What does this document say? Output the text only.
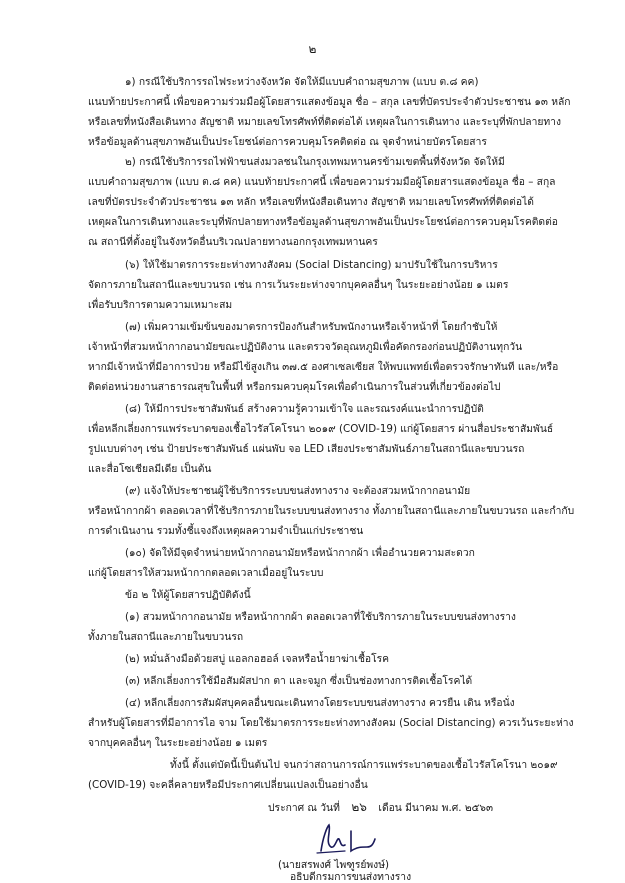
๒
๑) กรณีใช้บริการรถไฟระหว่างจังหวัด จัดให้มีแบบคำถามสุขภาพ (แบบ ต.๘ คค)
แนบท้ายประกาศนี้ เพื่อขอความร่วมมือผู้โดยสารแสดงข้อมูล ชื่อ – สกุล เลขที่บัตรประจำตัวประชาชน ๑๓ หลัก
หรือเลขที่หนังสือเดินทาง สัญชาติ หมายเลขโทรศัพท์ที่ติดต่อได้ เหตุผลในการเดินทาง และระบุที่พักปลายทาง
หรือข้อมูลด้านสุขภาพอันเป็นประโยชน์ต่อการควบคุมโรคติดต่อ ณ จุดจำหน่ายบัตรโดยสาร
๒) กรณีใช้บริการรถไฟฟ้าขนส่งมวลชนในกรุงเทพมหานครข้ามเขตพื้นที่จังหวัด จัดให้มี
แบบคำถามสุขภาพ (แบบ ต.๘ คค) แนบท้ายประกาศนี้ เพื่อขอความร่วมมือผู้โดยสารแสดงข้อมูล ชื่อ – สกุล
เลขที่บัตรประจำตัวประชาชน ๑๓ หลัก หรือเลขที่หนังสือเดินทาง สัญชาติ หมายเลขโทรศัพท์ที่ติดต่อได้
เหตุผลในการเดินทางและระบุที่พักปลายทางหรือข้อมูลด้านสุขภาพอันเป็นประโยชน์ต่อการควบคุมโรคติดต่อ
ณ สถานีที่ตั้งอยู่ในจังหวัดอื่นบริเวณปลายทางนอกกรุงเทพมหานคร
(๖) ให้ใช้มาตรการระยะห่างทางสังคม (Social Distancing) มาปรับใช้ในการบริหาร
จัดการภายในสถานีและขบวนรถ เช่น การเว้นระยะห่างจากบุคคลอื่นๆ ในระยะอย่างน้อย ๑ เมตร
เพื่อรับบริการตามความเหมาะสม
(๗) เพิ่มความเข้มข้นของมาตรการป้องกันสำหรับพนักงานหรือเจ้าหน้าที่ โดยกำชับให้
เจ้าหน้าที่สวมหน้ากากอนามัยขณะปฏิบัติงาน และตรวจวัดอุณหภูมิเพื่อคัดกรองก่อนปฏิบัติงานทุกวัน
หากมีเจ้าหน้าที่มีอาการป่วย หรือมีไข้สูงเกิน ๓๗.๕ องศาเซลเซียส ให้พบแพทย์เพื่อตรวจรักษาทันที และ/หรือ
ติดต่อหน่วยงานสาธารณสุขในพื้นที่ หรือกรมควบคุมโรคเพื่อดำเนินการในส่วนที่เกี่ยวข้องต่อไป
(๘) ให้มีการประชาสัมพันธ์ สร้างความรู้ความเข้าใจ และรณรงค์แนะนำการปฏิบัติ
เพื่อหลีกเลี่ยงการแพร่ระบาดของเชื้อไวรัสโคโรนา ๒๐๑๙ (COVID-19) แก่ผู้โดยสาร ผ่านสื่อประชาสัมพันธ์
รูปแบบต่างๆ เช่น ป้ายประชาสัมพันธ์ แผ่นพับ จอ LED เสียงประชาสัมพันธ์ภายในสถานีและขบวนรถ
และสื่อโซเชียลมีเดีย เป็นต้น
(๙) แจ้งให้ประชาชนผู้ใช้บริการระบบขนส่งทางราง จะต้องสวมหน้ากากอนามัย
หรือหน้ากากผ้า ตลอดเวลาที่ใช้บริการภายในระบบขนส่งทางราง ทั้งภายในสถานีและภายในขบวนรถ และกำกับ
การดำเนินงาน รวมทั้งชี้แจงถึงเหตุผลความจำเป็นแก่ประชาชน
(๑๐) จัดให้มีจุดจำหน่ายหน้ากากอนามัยหรือหน้ากากผ้า เพื่ออำนวยความสะดวก
แก่ผู้โดยสารให้สวมหน้ากากตลอดเวลาเมื่ออยู่ในระบบ
ข้อ ๒ ให้ผู้โดยสารปฏิบัติดังนี้
(๑) สวมหน้ากากอนามัย หรือหน้ากากผ้า ตลอดเวลาที่ใช้บริการภายในระบบขนส่งทางราง
ทั้งภายในสถานีและภายในขบวนรถ
(๒) หมั่นล้างมือด้วยสบู่ แอลกอฮอล์ เจลหรือน้ำยาฆ่าเชื้อโรค
(๓) หลีกเลี่ยงการใช้มือสัมผัสปาก ตา และจมูก ซึ่งเป็นช่องทางการติดเชื้อโรคได้
(๔) หลีกเลี่ยงการสัมผัสบุคคลอื่นขณะเดินทางโดยระบบขนส่งทางราง ควรยืน เดิน หรือนั่ง
สำหรับผู้โดยสารที่มีอาการไอ จาม โดยใช้มาตรการระยะห่างทางสังคม (Social Distancing) ควรเว้นระยะห่าง
จากบุคคลอื่นๆ ในระยะอย่างน้อย ๑ เมตร
ทั้งนี้ ตั้งแต่บัดนี้เป็นต้นไป จนกว่าสถานการณ์การแพร่ระบาดของเชื้อไวรัสโคโรนา ๒๐๑๙
(COVID-19) จะคลี่คลายหรือมีประกาศเปลี่ยนแปลงเป็นอย่างอื่น
ประกาศ ณ วันที่ ๒๖ เดือน มีนาคม พ.ศ. ๒๕๖๓
(นายสรพงศ์ ไพฑูรย์พงษ์)
อธิบดีกรมการขนส่งทางราง
